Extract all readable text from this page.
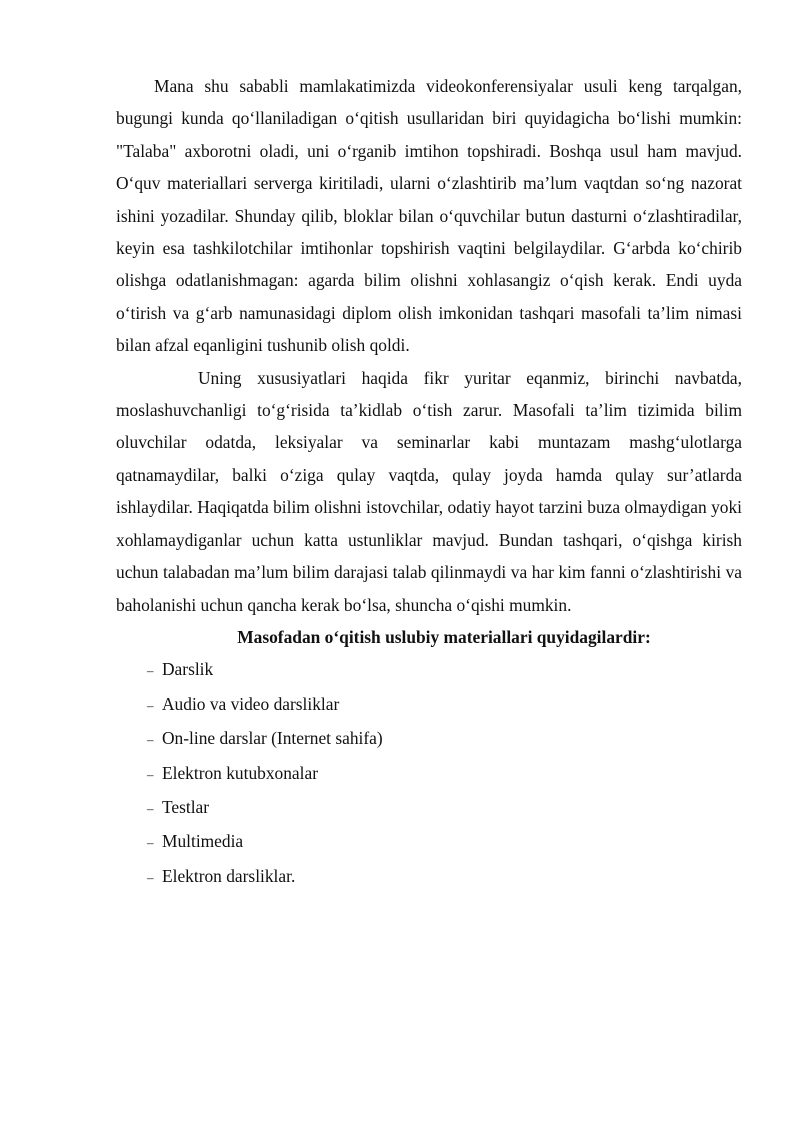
Mana shu sababli mamlakatimizda videokonferensiyalar usuli keng tarqalgan, bugungi kunda qo‘llaniladigan o‘qitish usullaridan biri quyidagicha bo‘lishi mumkin: "Talaba" axborotni oladi, uni o‘rganib imtihon topshiradi. Boshqa usul ham mavjud. O‘quv materiallari serverga kiritiladi, ularni o‘zlashtirib ma’lum vaqtdan so‘ng nazorat ishini yozadilar. Shunday qilib, bloklar bilan o‘quvchilar butun dasturni o‘zlashtiradilar, keyin esa tashkilotchilar imtihonlar topshirish vaqtini belgilaydilar. G‘arbda ko‘chirib olishga odatlanishmagan: agarda bilim olishni xohlasangiz o‘qish kerak. Endi uyda o‘tirish va g‘arb namunasidagi diplom olish imkonidan tashqari masofali ta’lim nimasi bilan afzal eqanligini tushunib olish qoldi.

Uning xususiyatlari haqida fikr yuritar eqanmiz, birinchi navbatda, moslashuvchanligi to‘g‘risida ta’kidlab o‘tish zarur. Masofali ta’lim tizimida bilim oluvchilar odatda, leksiyalar va seminarlar kabi muntazam mashg‘ulotlarga qatnamaydilar, balki o‘ziga qulay vaqtda, qulay joyda hamda qulay sur’atlarda ishlaydilar. Haqiqatda bilim olishni istovchilar, odatiy hayot tarzini buza olmaydigan yoki xohlamaydiganlar uchun katta ustunliklar mavjud. Bundan tashqari, o‘qishga kirish uchun talabadan ma’lum bilim darajasi talab qilinmaydi va har kim fanni o‘zlashtirishi va baholanishi uchun qancha kerak bo‘lsa, shuncha o‘qishi mumkin.

Masofadan o‘qitish uslubiy materiallari quyidagilardir:

– Darslik
– Audio va video darsliklar
– On-line darslar (Internet sahifa)
– Elektron kutubxonalar
– Testlar
– Multimedia
– Elektron darsliklar.
